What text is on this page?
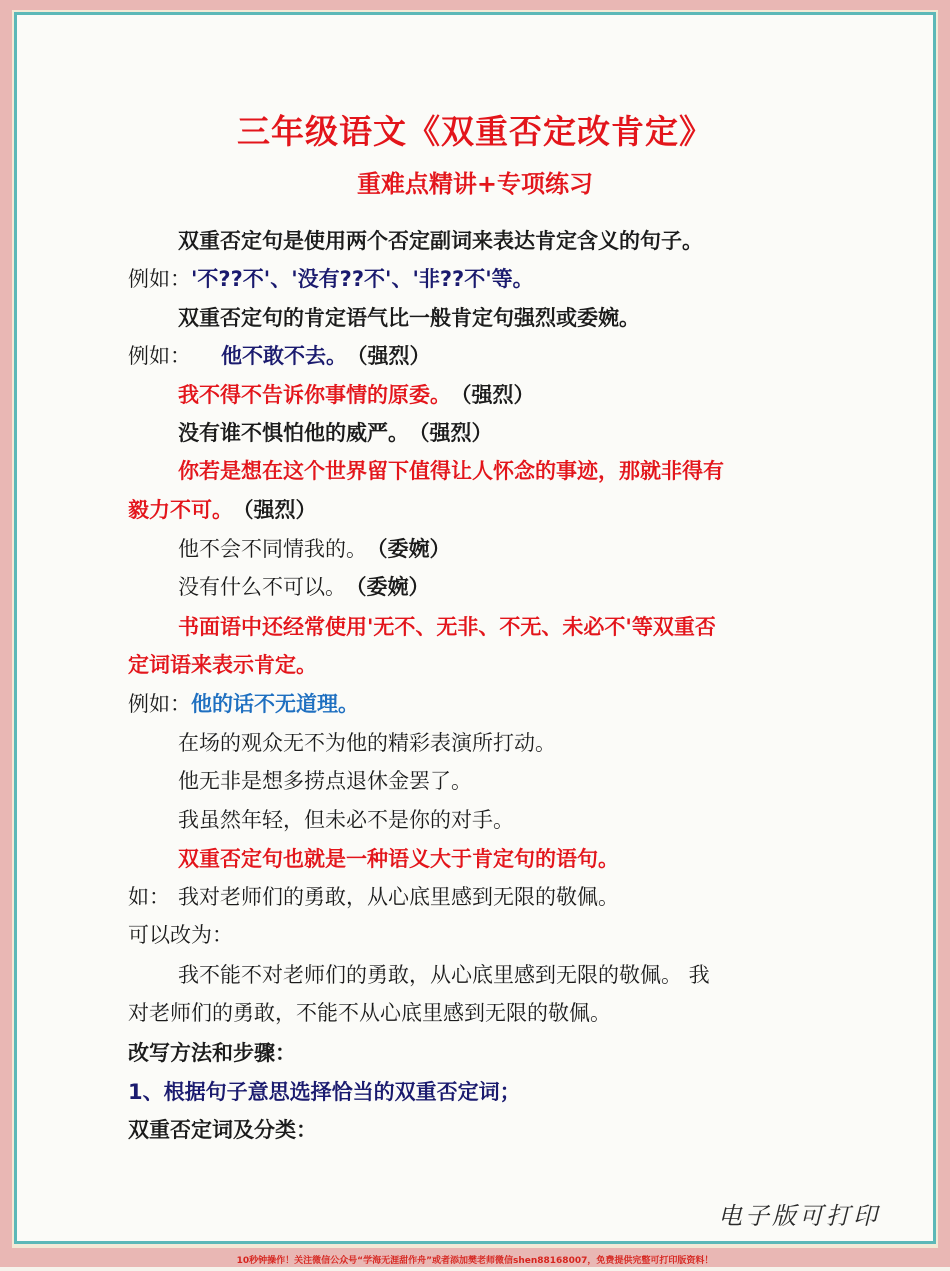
三年级语文《双重否定改肯定》
重难点精讲+专项练习
双重否定句是使用两个否定副词来表达肯定含义的句子。
例如：'不??不'、'没有??不'、'非??不'等。
双重否定句的肯定语气比一般肯定句强烈或委婉。
例如： 他不敢不去。 （强烈）
我不得不告诉你事情的原委。 （强烈）
没有谁不惧怕他的威严。 （强烈）
你若是想在这个世界留下值得让人怀念的事迹，那就非得有
毅力不可。 （强烈）
他不会不同情我的。 （委婉）
没有什么不可以。 （委婉）
书面语中还经常使用'无不、无非、不无、未必不'等双重否
定词语来表示肯定。
例如：他的话不无道理。
在场的观众无不为他的精彩表演所打动。
他无非是想多捞点退休金罢了。
我虽然年轻，但未必不是你的对手。
双重否定句也就是一种语义大于肯定句的语句。
如： 我对老师们的勇敢，从心底里感到无限的敬佩。
可以改为：
我不能不对老师们的勇敢，从心底里感到无限的敬佩。 我
对老师们的勇敢，不能不从心底里感到无限的敬佩。
改写方法和步骤：
1、根据句子意思选择恰当的双重否定词；
双重否定词及分类：
电子版可打印
10秒钟操作！关注微信公众号“学海无涯甜作舟”或者添加樊老师微信shen88168007，免费提供完整可打印版资料！
